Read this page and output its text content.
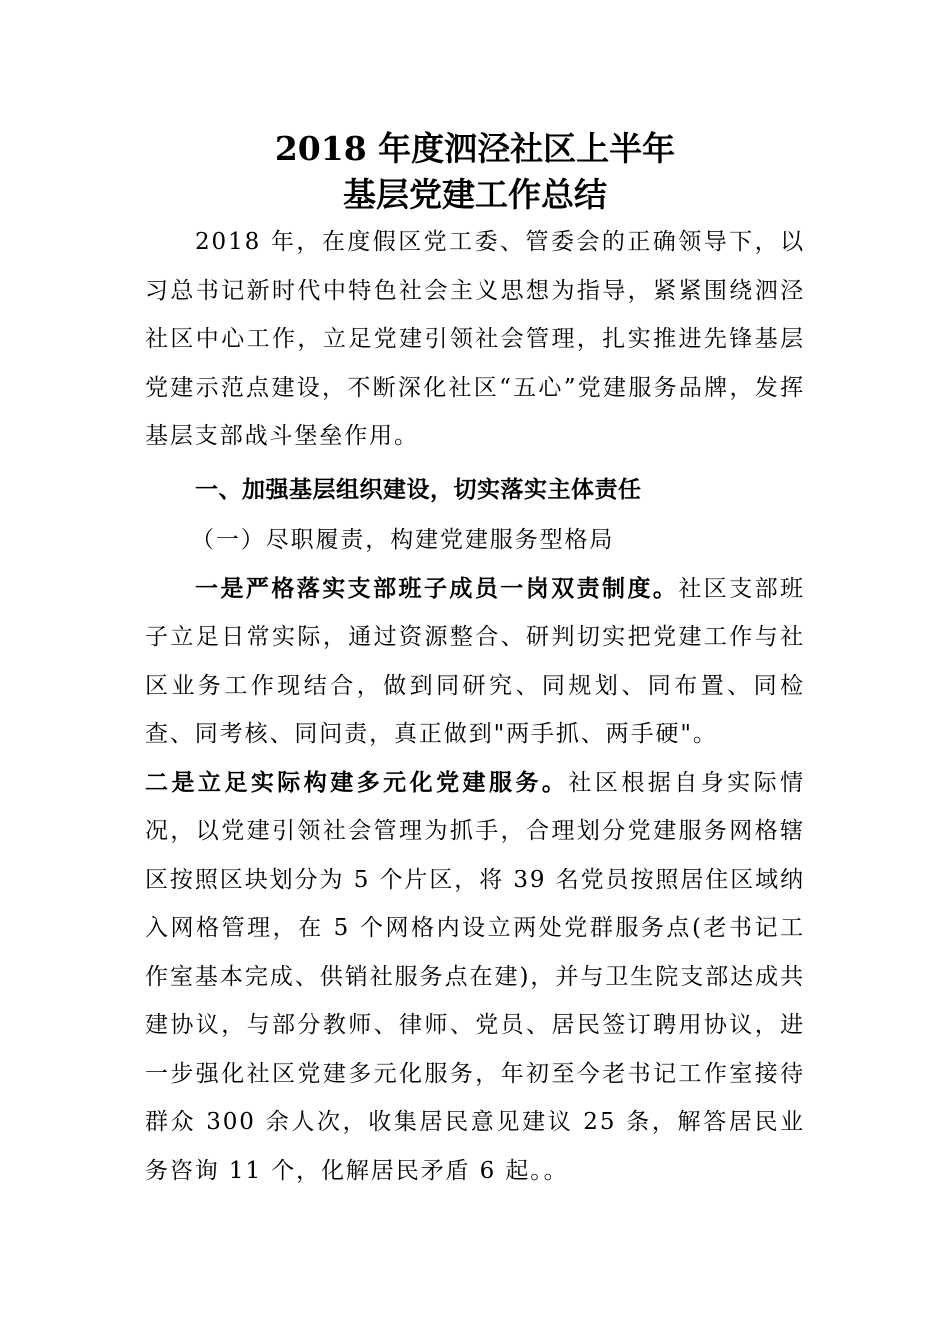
2018 年度泗泾社区上半年
基层党建工作总结

2018 年，在度假区党工委、管委会的正确领导下，以习总书记新时代中特色社会主义思想为指导，紧紧围绕泗泾社区中心工作，立足党建引领社会管理，扎实推进先锋基层党建示范点建设，不断深化社区“五心”党建服务品牌，发挥基层支部战斗堡垒作用。

一、加强基层组织建设，切实落实主体责任

（一）尽职履责，构建党建服务型格局

一是严格落实支部班子成员一岗双责制度。社区支部班子立足日常实际，通过资源整合、研判切实把党建工作与社区业务工作现结合，做到同研究、同规划、同布置、同检查、同考核、同问责，真正做到"两手抓、两手硬"。

二是立足实际构建多元化党建服务。社区根据自身实际情况，以党建引领社会管理为抓手，合理划分党建服务网格辖区按照区块划分为 5 个片区，将 39 名党员按照居住区域纳入网格管理，在 5 个网格内设立两处党群服务点(老书记工作室基本完成、供销社服务点在建)，并与卫生院支部达成共建协议，与部分教师、律师、党员、居民签订聘用协议，进一步强化社区党建多元化服务，年初至今老书记工作室接待群众 300 余人次，收集居民意见建议 25 条，解答居民业务咨询 11 个，化解居民矛盾 6 起。。
